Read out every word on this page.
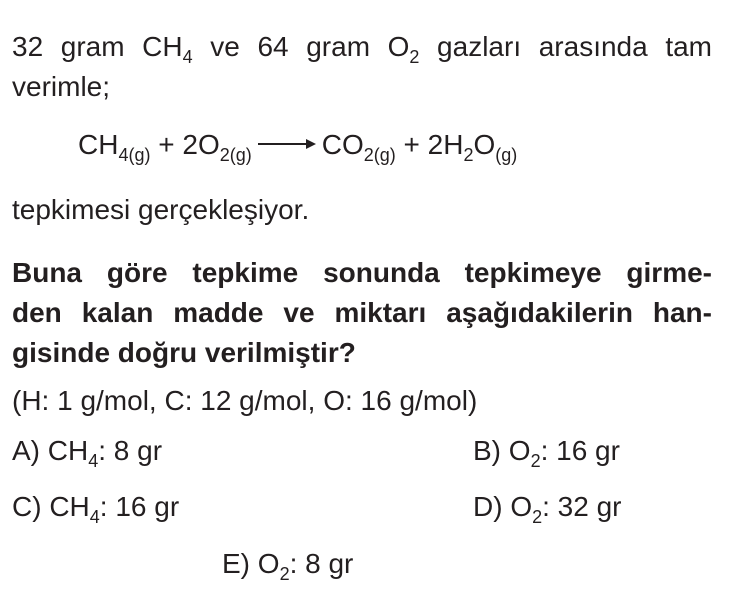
32 gram $CH_4$ ve 64 gram $O_2$ gazları arasında tam
verimle;
$CH_{4(g)} + 2O_{2(g)} \to CO_{2(g)} + 2H_2O_{(g)}$
tepkimesi gerçekleşiyor.
Buna göre tepkime sonunda tepkimeye girme-
den kalan madde ve miktarı aşağıdakilerin han-
gisinde doğru verilmiştir?
(H: 1 g/mol, C: 12 g/mol, O: 16 g/mol)
A) $CH_4$: 8 gr	B) $O_2$: 16 gr
C) $CH_4$: 16 gr	D) $O_2$: 32 gr
E) $O_2$: 8 gr
